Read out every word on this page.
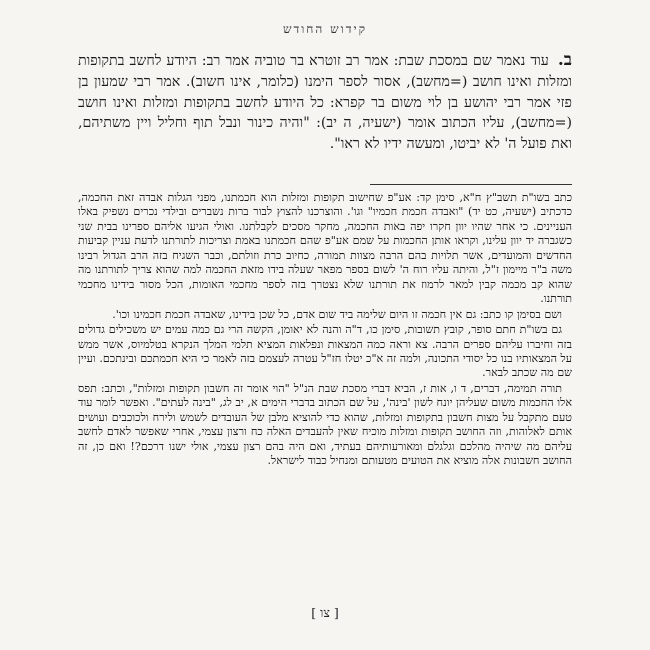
קידוש החודש
ב. עוד נאמר שם במסכת שבת: אמר רב זוטרא בר טוביה אמר רב: היודע לחשב בתקופות ומזלות ואינו חושב (=מחשב), אסור לספר הימנו (כלומר, אינו חשוב). אמר רבי שמעון בן פזי אמר רבי יהושע בן לוי משום בר קפרא: כל היודע לחשב בתקופות ומזלות ואינו חושב (=מחשב), עליו הכתוב אומר (ישעיה, ה יב): "והיה כינור ונבל תוף וחליל ויין משתיהם, ואת פועל ה' לא יביטו, ומעשה ידיו לא ראו".

כתב בשו"ת תשב"ץ ח"א, סימן קד: אע"פ שחישוב תקופות ומזלות הוא חכמתנו, מפני הגלות אבדה זאת החכמה, כדכתיב (ישעיה, כט יד) "ואבדה חכמת חכמיו" וגו'. והוצרכנו להצוץ לבור ברות נשברים ובילדי נכרים נשפיק באלו העניינים. כי אחר שהיו יוון חקרו יפה באות החכמה, מחקר מסכים לקבלתנו. ואולי הגיעו אליהם ספרינו בבית שני כשגברה יד יוון עלינו, וקראו אותן החכמות על שמם אע"פ שהם חכמתנו באמת וצריכות לתורתנו לדעת עניין קביעות החדשים והמועדים, אשר תלויות בהם הרבה מצוות תמורה, כחיוב כרת וזולתם, וכבר השגיח בזה הרב הגדול רבינו משה ב"ר מיימון ז"ל, והיתה עליו רוח ה' לשום בספר מפאר שעלה בידו מזאת החכמה למה שהוא צריך לתורתנו מה שהוא קב מכמה קבין למאר לרמוז את תורתנו שלא נצטרך בזה לספר מחכמי האומות, הכל מסור בידינו מחכמי תורתנו.

ושם בסימן קו כתב: גם אין חכמה זו היום שלימה ביד שום אדם, כל שכן בידינו, שאבדה חכמת חכמינו וכו'.

גם בשו"ת חתם סופר, קובץ תשובות, סימן כו, ד"ה והנה לא יאומן, הקשה הרי גם כמה עמים יש משכילים גדולים בזה וחיברו עליהם ספרים הרבה. צא וראה כמה המצאות ונפלאות המציא תלמי המלך הנקרא בטלמיוס, אשר ממש על המצאותיו בנו כל יסודי התכונה, ולמה זה א"כ יטלו חז"ל עטרה לעצמם בזה לאמר כי היא חכמתכם ובינתכם. ועיין שם מה שכתב לבאר.

תורה תמימה, דברים, ד ו, אות ז, הביא דברי מסכת שבת הנ"ל "הוי אומר זה חשבון תקופות ומזלות", וכתב: תפס אלו החכמות משום שעליהן יונח לשון 'בינה', על שם הכתוב בדברי הימים א, יב לג, "בינה לעתים". ואפשר לומר עוד טעם מתקבל על מצות חשבון בתקופות ומזלות, שהוא כדי להוציא מלבן של העובדים לשמש ולירח ולכוכבים ועושים אותם לאלוהות, וזה החושב תקופות ומזלות מוכיח שאין להעבדים האלה כח ורצון עצמי, אחרי שאפשר לאדם לחשב עליהם מה שיהיה מהלכם וגלגלם ומאורעותיהם בעתיד, ואם היה בהם רצון עצמי, אולי ישנו דרכם?! ואם כן, זה החושב חשבונות אלה מוציא את הטועים מטעותם ומנחיל כבוד לישראל.

[ צו ]
